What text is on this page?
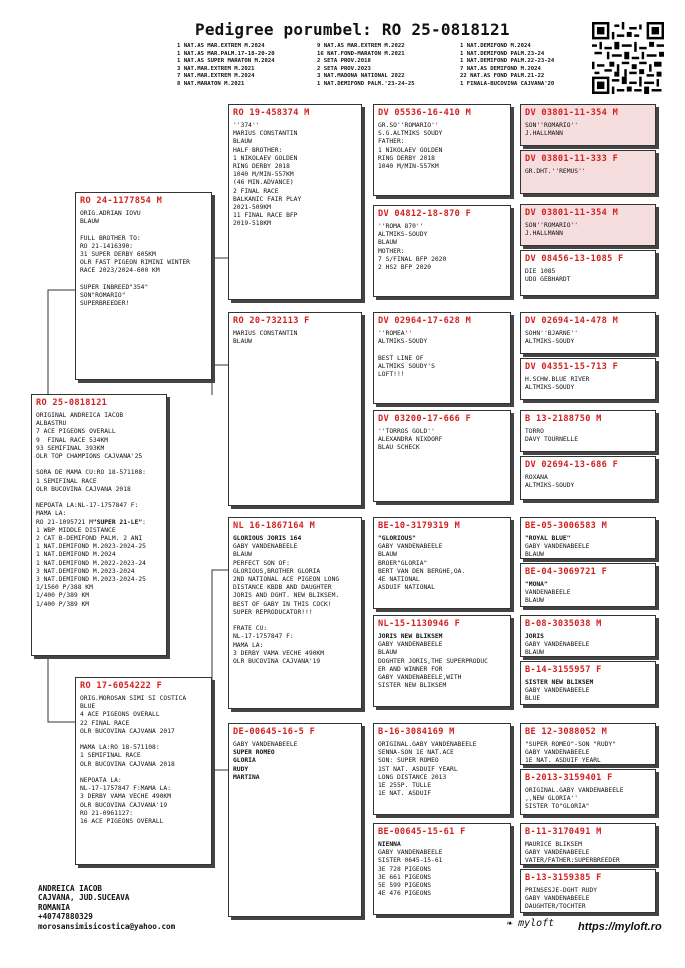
Pedigree porumbel: RO 25-0818121
1 NAT.AS MAR.EXTREM M.2024
1 NAT.AS MAR.PALM.17-18-20-20
1 NAT.AS SUPER MARATON M.2024
3 NAT.MAR.EXTREM M.2021
7 NAT.MAR.EXTREM M.2024
8 NAT.MARATON M.2021
9 NAT.AS MAR.EXTREM M.2022
16 NAT.FOND-MARATON M.2021
2 SETA PROV.2018
2 SETA PROV.2023
3 NAT.MADONA NATIONAL 2022
1 NAT.DEMIFOND PALM.'23-24-25
1 NAT.DEMIFOND M.2024
1 NAT.DEMIFOND PALM.23-24
1 NAT.DEMIFOND PALM.22-23-24
7 NAT.AS DEMIFOND M.2024
22 NAT.AS FOND PALM.21-22
1 FINALA-BUCOVINA CAJVANA'20
RO 25-0818121
ORIGINAL ANDREICA IACOB
ALBASTRU
7 ACE PIGEONS OVERALL
9  FINAL RACE 534KM
93 SEMIFINAL 393KM
OLR TOP CHAMPIONS CAJVANA'25

SORA DE MAMA CU:RO 18-571108:
1 SEMIFINAL RACE
OLR BUCOVINA CAJVANA 2018

NEPOATA LA:NL-17-1757847 F:
MAMA LA:
RO 21-1095721 M"SUPER 21-LE":
1 WBP MIDDLE DISTANCE
2 CAT B-DEMIFOND PALM. 2 ANI
1 NAT.DEMIFOND M.2023-2024-25
1 NAT.DEMIFOND M.2024
1 NAT.DEMIFOND M.2022-2023-24
3 NAT.DEMIFOND M.2023-2024
3 NAT.DEMIFOND M.2023-2024-25
1/1560 P/388 KM
1/400 P/389 KM
1/400 P/389 KM
RO 24-1177854 M
ORIG.ADRIAN IOVU
BLAUW

FULL BROTHER TO:
RO 21-1416390:
31 SUPER DERBY 605KM
OLR FAST PIGEON RIMINI WINTER
RACE 2023/2024-600 KM

SUPER INBREED"354"
SON"ROMARIO"
SUPERBREEDER!
RO 17-6054222 F
ORIG.MOROSAN SIMI SI COSTICA
BLUE
4 ACE PIGEONS OVERALL
22 FINAL RACE
OLR BUCOVINA CAJVANA 2017

MAMA LA:RO 18-571108:
1 SEMIFINAL RACE
OLR BUCOVINA CAJVANA 2018

NEPOATA LA:
NL-17-1757847 F:MAMA LA:
3 DERBY VAMA VECHE 490KM
OLR BUCOVINA CAJVANA'19
RO 21-0961127:
16 ACE PIGEONS OVERALL
RO 19-458374 M
''374''
MARIUS CONSTANTIN
BLAUW
HALF BROTHER:
1 NIKOLAEV GOLDEN
RING DERBY 2018
1040 M/MIN-557KM
(46 MIN.ADVANCE)
2 FINAL RACE
BALKANIC FAIR PLAY
2021-509KM
11 FINAL RACE BFP
2019-518KM
RO 20-732113 F
MARIUS CONSTANTIN
BLAUW
NL 16-1867164 M
GLORIOUS JORIS 164
GABY VANDENABEELE
BLAUW
PERFECT SON OF:
GLORIOUS,BROTHER GLORIA
2ND NATIONAL ACE PIGEON LONG
DISTANCE KBDB AND DAUGHTER
JORIS AND DGHT. NEW BLIKSEM.
BEST OF GABY IN THIS COCK!
SUPER REPRODUCATOR!!!

FRATE CU:
NL-17-1757847 F:
MAMA LA:
3 DERBY VAMA VECHE 490KM
OLR BUCOVINA CAJVANA'19
DE-00645-16-5 F
GABY VANDENABEELE
SUPER ROMEO
GLORIA
RUDY
MARTINA
DV 05536-16-410 M
GR.SO''ROMARIO''
S.G.ALTMIKS SOUDY
FATHER:
1 NIKOLAEV GOLDEN
RING DERBY 2018
1040 M/MIN-557KM
DV 04812-18-870 F
''ROMA 870''
ALTMIKS-SOUDY
BLAUW
MOTHER:
7 S/FINAL BFP 2020
2 HS2 BFP 2020
DV 02964-17-628 M
''ROMEA''
ALTMIKS-SOUDY

BEST LINE OF
ALTMIKS SOUDY'S
LOFT!!!
DV 03200-17-666 F
''TORROS GOLD''
ALEXANDRA NIXDORF
BLAU SCHECK
BE-10-3179319 M
"GLORIOUS"
GABY VANDENABEELE
BLAUW
BROER"GLORIA"
BERT VAN DEN BERGHE,OA.
4E NATIONAL
ASDUIF NATIONAL
NL-15-1130946 F
JORIS NEW BLIKSEM
GABY VANDENABEELE
BLAUW
DOGHTER JORIS,THE SUPERPRODUC
ER AND WINNER FOR
GABY VANDENABEELE,WITH
SISTER NEW BLIKSEM
B-16-3084169 M
ORIGINAL.GABY VANDENABEELE
SENNA-SON 1E NAT.ACE
SON: SUPER ROMEO
1ST NAT. ASDUIF YEARL
LONG DISTANCE 2013
1E 255P. TULLE
1E NAT. ASDUIF
BE-00645-15-61 F
NIENNA
GABY VANDENABEELE
SISTER 0645-15-61
3E 728 PIGEONS
3E 661 PIGEONS
5E 599 PIGEONS
4E 476 PIGEONS
DV 03801-11-354 M
SON''ROMARIO''
J.HALLMANN
DV 03801-11-333 F
GR.DHT.''REMUS''
DV 03801-11-354 M
SON''ROMARIO''
J.HALLMANN
DV 08456-13-1085 F
DIE 1085
UDO GEBHARDT
DV 02694-14-478 M
SOHN''BJARNE''
ALTMIKS-SOUDY
DV 04351-15-713 F
H.SCHW.BLUE RIVER
ALTMIKS-SOUDY
B 13-2188750 M
TORRO
DAVY TOURNELLE
DV 02694-13-686 F
ROXANA
ALTMIKS-SOUDY
BE-05-3006583 M
"ROYAL BLUE"
GABY VANDENABEELE
BLAUW
BE-04-3069721 F
"MONA"
VANDENABEELE
BLAUW
B-08-3035038 M
JORIS
GABY VANDENABEELE
BLAUW
B-14-3155957 F
SISTER NEW BLIKSEM
GABY VANDENABEELE
BLUE
BE 12-3088052 M
"SUPER ROMEO"-SON "RUDY"
GABY VANDENABEELE
1E NAT. ASDUIF YEARL
B-2013-3159401 F
ORIGINAL.GABY VANDENABEELE
,,NEW GLORIA''
SISTER TO"GLORIA"
B-11-3170491 M
MAURICE BLIKSEM
GABY VANDENABEELE
VATER/FATHER:SUPERBREEDER
B-13-3159385 F
PRINSESJE-DGHT RUDY
GABY VANDENABEELE
DAUGHTER/TOCHTER
ANDREICA IACOB
CAJVANA, JUD.SUCEAVA
ROMANIA
+40747880329
morosansimisicostica@yahoo.com	❧ myloft https://myloft.ro
